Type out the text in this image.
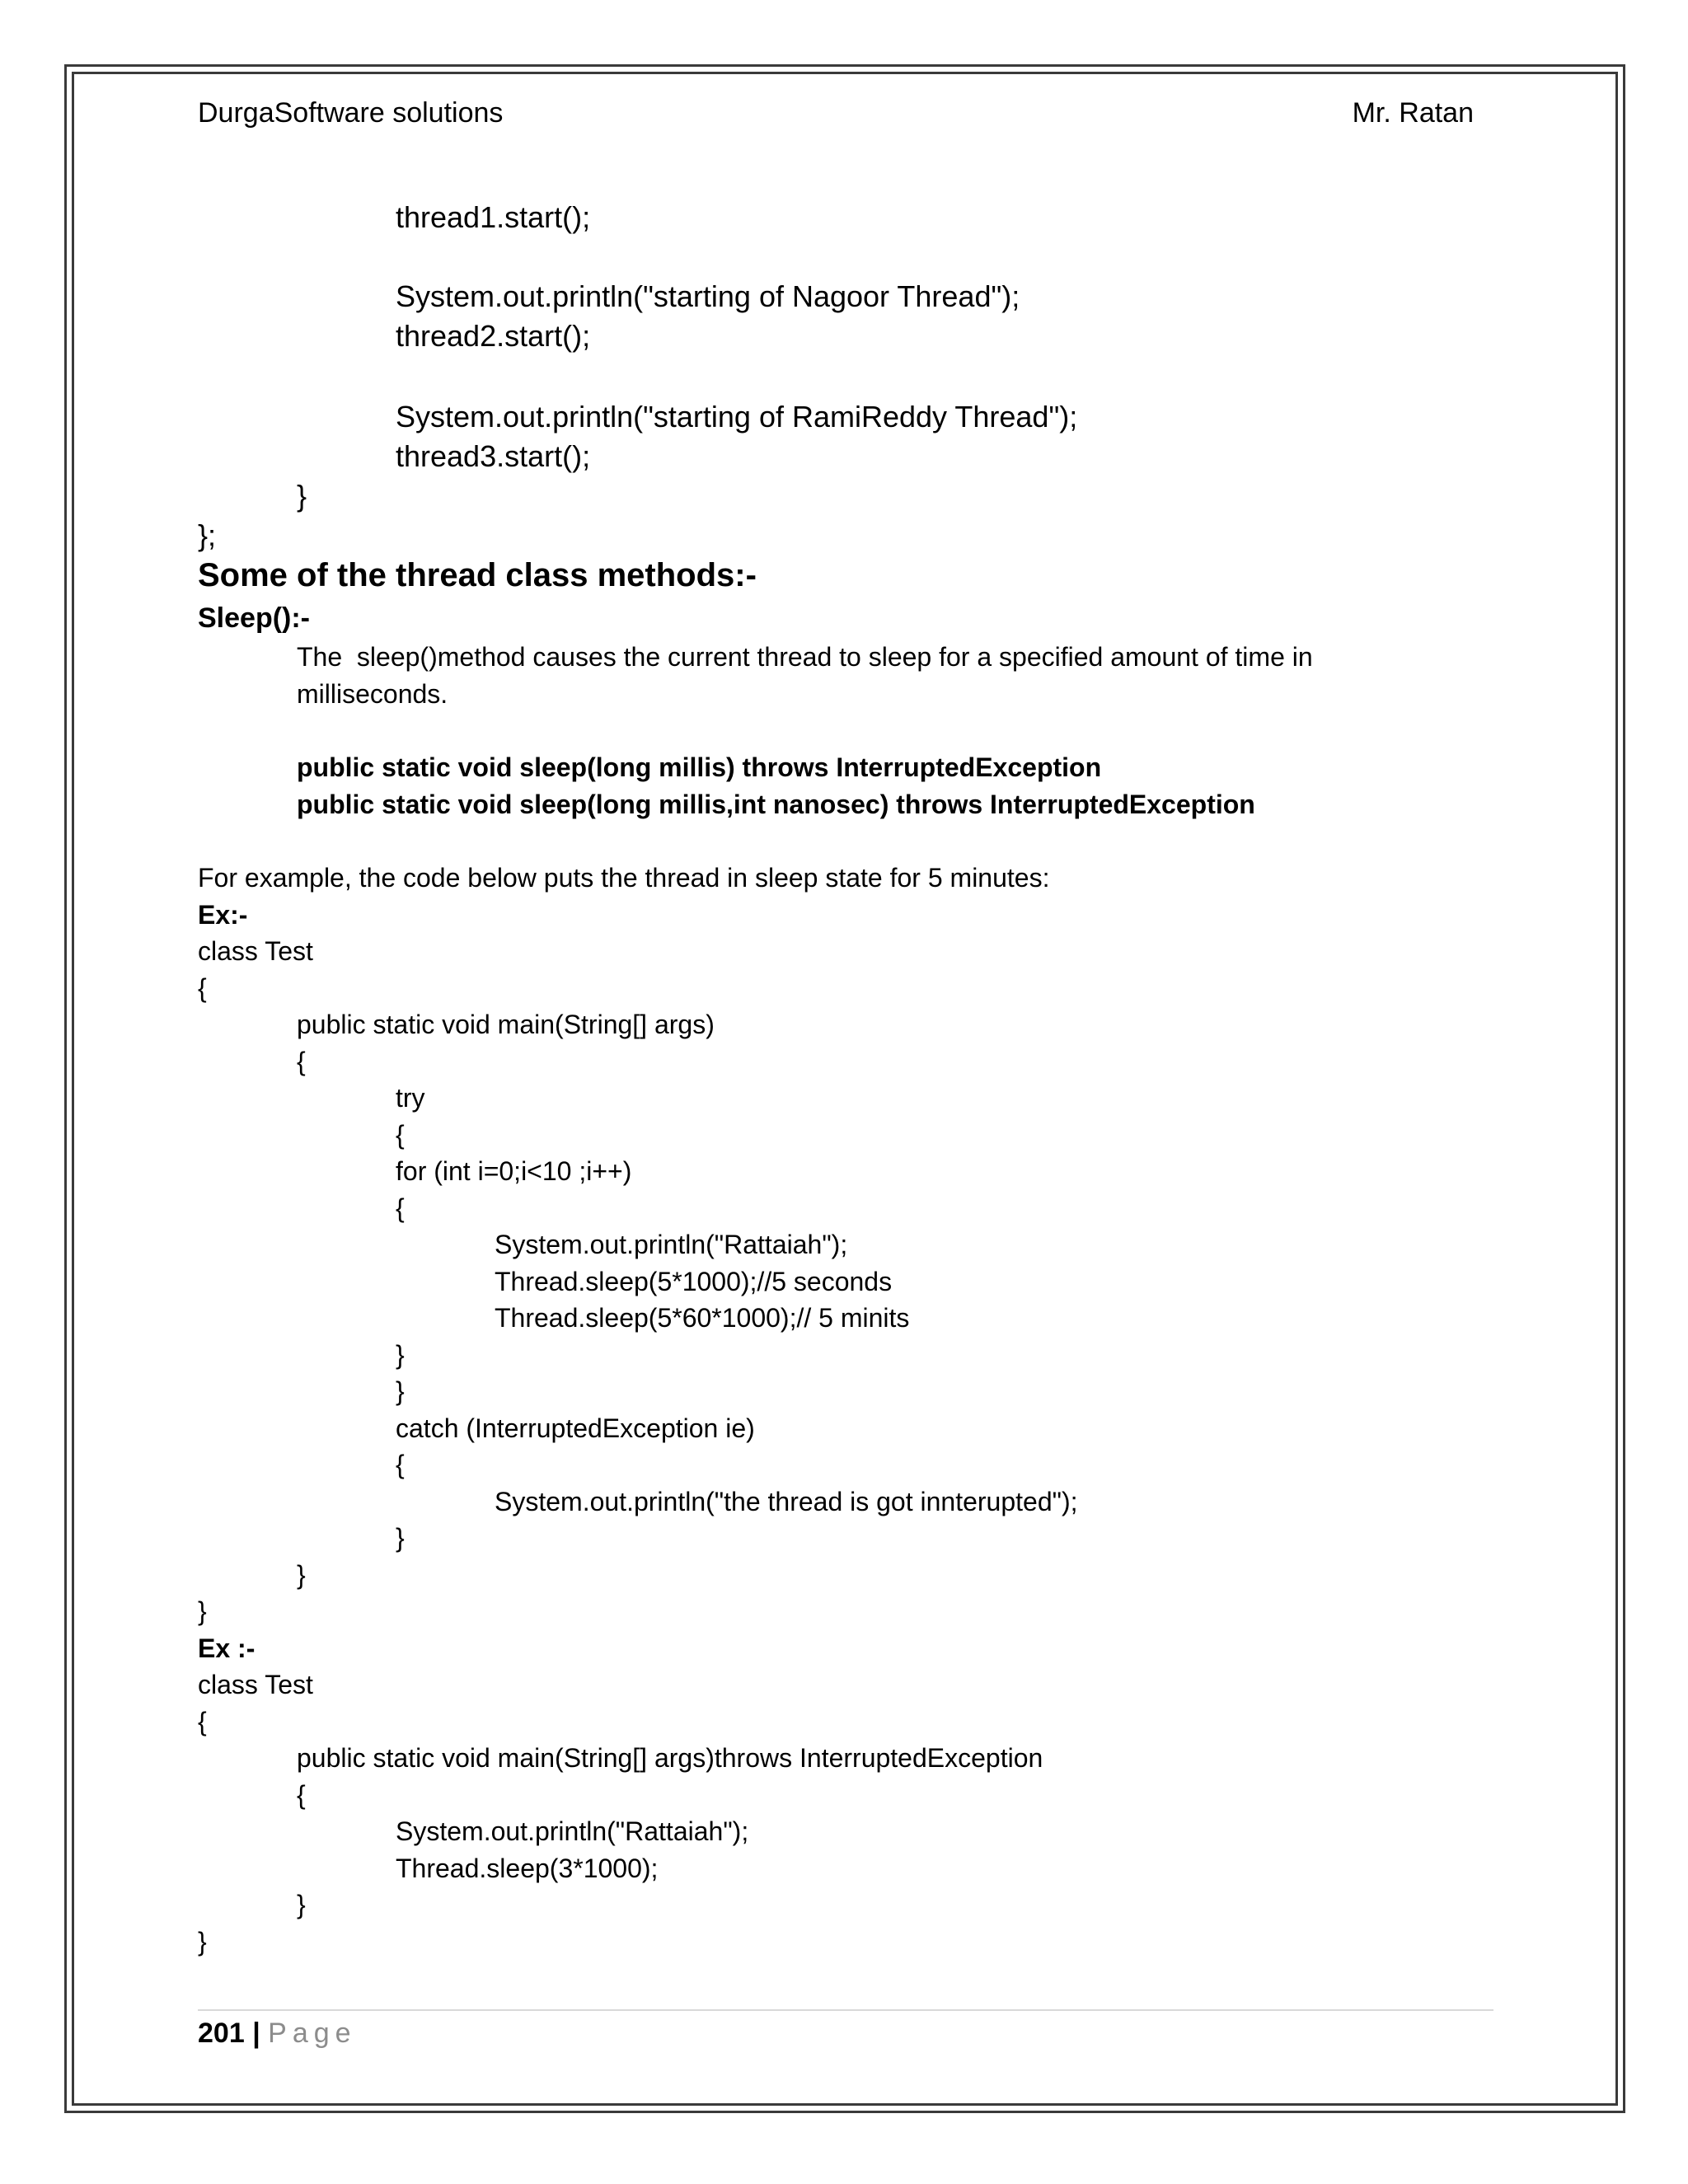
DurgaSoftware solutions	Mr. Ratan
thread1.start();
System.out.println("starting of Nagoor Thread");
thread2.start();
System.out.println("starting of RamiReddy Thread");
thread3.start();
}
};
Some of the thread class methods:-
Sleep():-
The  sleep()method causes the current thread to sleep for a specified amount of time in
milliseconds.
public static void sleep(long millis) throws InterruptedException
public static void sleep(long millis,int nanosec) throws InterruptedException
For example, the code below puts the thread in sleep state for 5 minutes:
Ex:-
class Test
{
public static void main(String[] args)
{
try
{
for (int i=0;i<10 ;i++)
{
System.out.println("Rattaiah");
Thread.sleep(5*1000);//5 seconds
Thread.sleep(5*60*1000);// 5 minits
}
}
catch (InterruptedException ie)
{
System.out.println("the thread is got innterupted");
}
}
}
Ex :-
class Test
{
public static void main(String[] args)throws InterruptedException
{
System.out.println("Rattaiah");
Thread.sleep(3*1000);
}
}
201 | Page
